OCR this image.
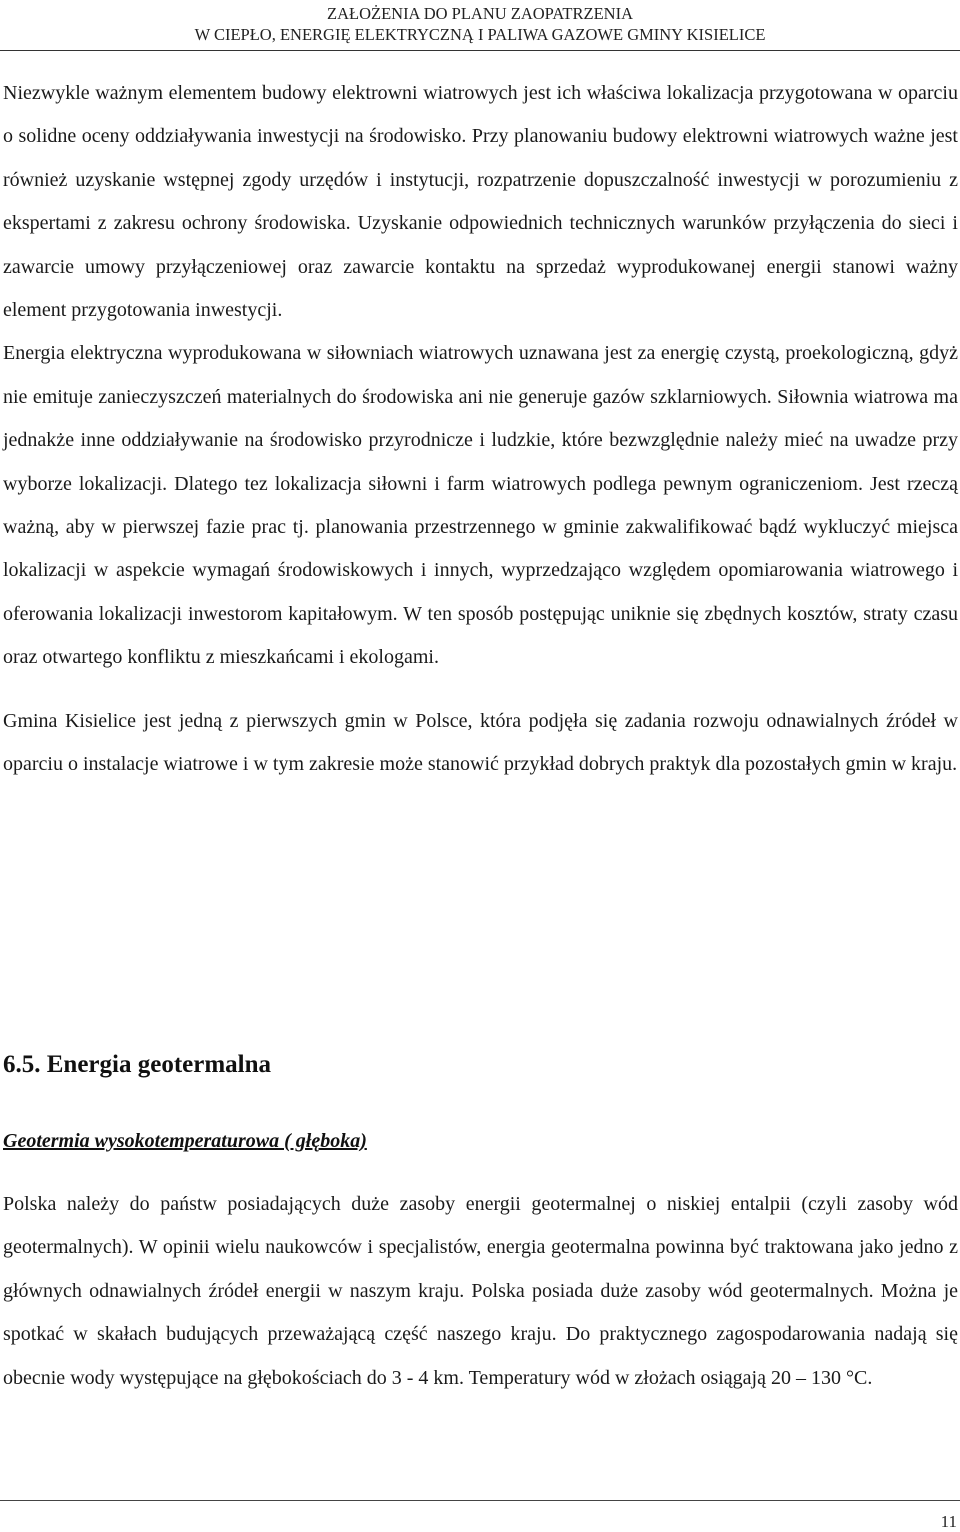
ZAŁOŻENIA DO PLANU ZAOPATRZENIA
W CIEPŁO, ENERGIĘ ELEKTRYCZNĄ I PALIWA GAZOWE GMINY KISIELICE

Niezwykle ważnym elementem budowy elektrowni wiatrowych jest ich właściwa lokalizacja przygotowana w oparciu o solidne oceny oddziaływania inwestycji na środowisko. Przy planowaniu budowy elektrowni wiatrowych ważne jest również uzyskanie wstępnej zgody urzędów i instytucji, rozpatrzenie dopuszczalność inwestycji w porozumieniu z ekspertami z zakresu ochrony środowiska. Uzyskanie odpowiednich technicznych warunków przyłączenia do sieci i zawarcie umowy przyłączeniowej oraz zawarcie kontaktu na sprzedaż wyprodukowanej energii stanowi ważny element przygotowania inwestycji.

Energia elektryczna wyprodukowana w siłowniach wiatrowych uznawana jest za energię czystą, proekologiczną, gdyż nie emituje zanieczyszczeń materialnych do środowiska ani nie generuje gazów szklarniowych. Siłownia wiatrowa ma jednakże inne oddziaływanie na środowisko przyrodnicze i ludzkie, które bezwzględnie należy mieć na uwadze przy wyborze lokalizacji. Dlatego tez lokalizacja siłowni i farm wiatrowych podlega pewnym ograniczeniom. Jest rzeczą ważną, aby w pierwszej fazie prac tj. planowania przestrzennego w gminie zakwalifikować bądź wykluczyć miejsca lokalizacji w aspekcie wymagań środowiskowych i innych, wyprzedzająco względem opomiarowania wiatrowego i oferowania lokalizacji inwestorom kapitałowym. W ten sposób postępując uniknie się zbędnych kosztów, straty czasu oraz otwartego konfliktu z mieszkańcami i ekologami.

Gmina Kisielice jest jedną z pierwszych gmin w Polsce, która podjęła się zadania rozwoju odnawialnych źródeł w oparciu o instalacje wiatrowe i w tym zakresie może stanowić przykład dobrych praktyk dla pozostałych gmin w kraju.

6.5. Energia geotermalna
Geotermia wysokotemperaturowa ( głęboka)

Polska należy do państw posiadających duże zasoby energii geotermalnej o niskiej entalpii (czyli zasoby wód geotermalnych). W opinii wielu naukowców i specjalistów, energia geotermalna powinna być traktowana jako jedno z głównych odnawialnych źródeł energii w naszym kraju. Polska posiada duże zasoby wód geotermalnych. Można je spotkać w skałach budujących przeważającą część naszego kraju. Do praktycznego zagospodarowania nadają się obecnie wody występujące na głębokościach do 3 - 4 km. Temperatury wód w złożach osiągają 20 – 130 °C.

11
